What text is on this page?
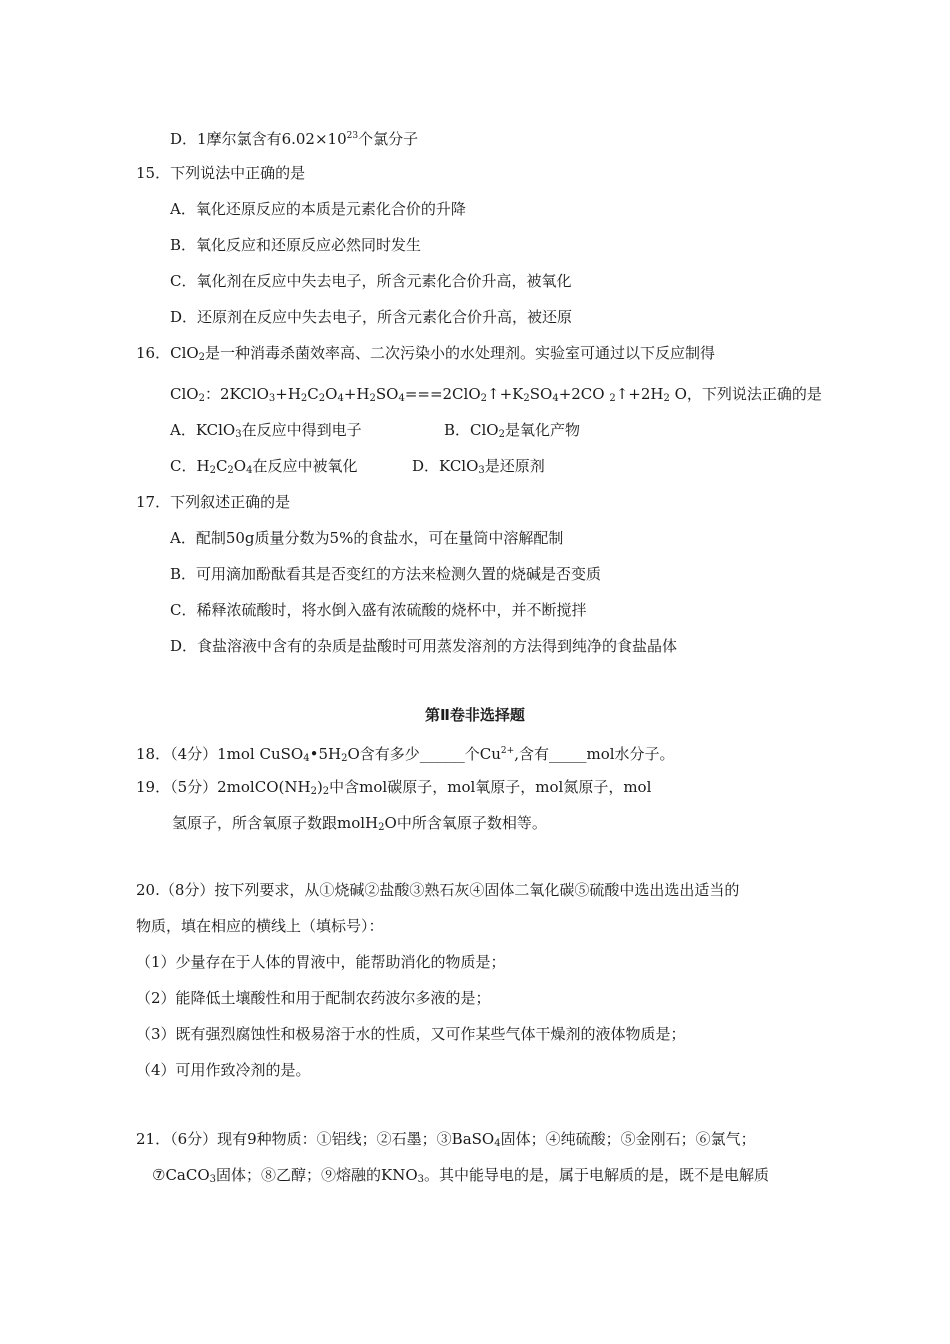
D．1摩尔氯含有$6.02\times 10^{23}$个氯分子
15．下列说法中正确的是
A．氧化还原反应的本质是元素化合价的升降
B．氧化反应和还原反应必然同时发生
C．氧化剂在反应中失去电子，所含元素化合价升高，被氧化
D．还原剂在反应中失去电子，所含元素化合价升高，被还原
16．ClO$_2$是一种消毒杀菌效率高、二次污染小的水处理剂。实验室可通过以下反应制得
ClO$_2$：$2KClO_3+H_2C_2O_4+H_2SO_4===2ClO_2↑+K_2SO_4+2CO$ $_2↑+2H_2$ O，下列说法正确的是
A．KClO$_3$在反应中得到电子	B．ClO$_2$是氧化产物
C．$H_2C_2O_4$在反应中被氧化	D．KClO$_3$是还原剂
17．下列叙述正确的是
A．配制50g质量分数为5%的食盐水，可在量筒中溶解配制
B．可用滴加酚酞看其是否变红的方法来检测久置的烧碱是否变质
C．稀释浓硫酸时，将水倒入盛有浓硫酸的烧杯中，并不断搅拌
D．食盐溶液中含有的杂质是盐酸时可用蒸发溶剂的方法得到纯净的食盐晶体
第Ⅱ卷非选择题
18．（4分）1mol $CuSO_4•5H_2O$含有多少______个$Cu^{2+}$,含有_____mol水分子。
19．（5分）$2molCO(NH_2)_2$中含mol碳原子，mol氧原子，mol氮原子，mol
氢原子，所含氧原子数跟molH$_2$O中所含氧原子数相等。
20.（8分）按下列要求，从①烧碱②盐酸③熟石灰④固体二氧化碳⑤硫酸中选出选出适当的
物质，填在相应的横线上（填标号）：
（1）少量存在于人体的胃液中，能帮助消化的物质是；
（2）能降低土壤酸性和用于配制农药波尔多液的是；
（3）既有强烈腐蚀性和极易溶于水的性质，又可作某些气体干燥剂的液体物质是；
（4）可用作致冷剂的是。
21．（6分）现有9种物质：①铝线；②石墨；③BaSO$_4$固体；④纯硫酸；⑤金刚石；⑥氯气；
⑦CaCO$_3$固体；⑧乙醇；⑨熔融的$KNO_3$。其中能导电的是，属于电解质的是，既不是电解质
